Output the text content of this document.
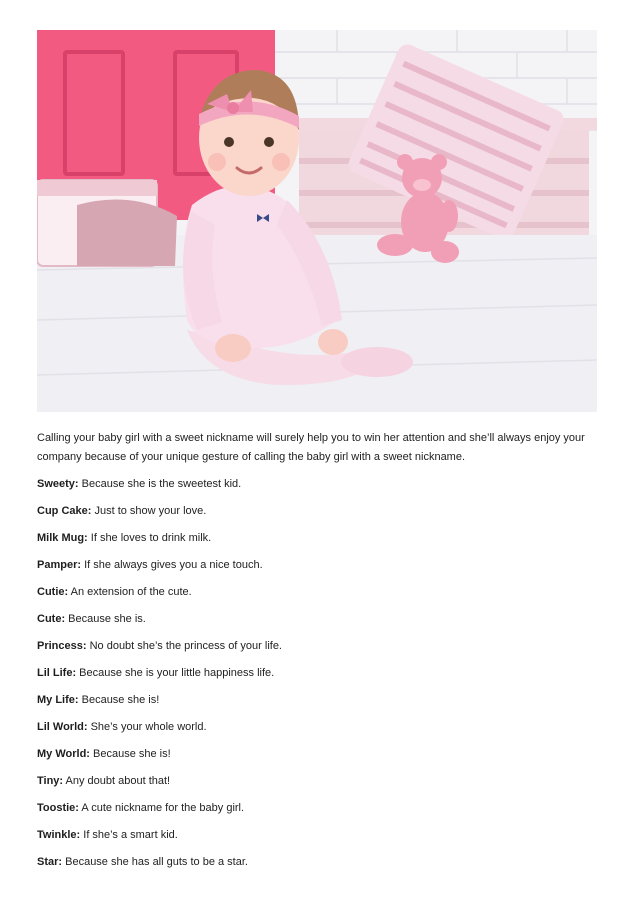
Calling your baby girl with a sweet nickname will surely help you to win her attention and she’ll always enjoy your company because of your unique gesture of calling the baby girl with a sweet nickname.

Sweety: Because she is the sweetest kid.
Cup Cake: Just to show your love.
Milk Mug: If she loves to drink milk.
Pamper: If she always gives you a nice touch.
Cutie: An extension of the cute.
Cute: Because she is.
Princess: No doubt she’s the princess of your life.
Lil Life: Because she is your little happiness life.
My Life: Because she is!
Lil World: She’s your whole world.
My World: Because she is!
Tiny: Any doubt about that!
Toostie: A cute nickname for the baby girl.
Twinkle: If she’s a smart kid.
Star: Because she has all guts to be a star.
